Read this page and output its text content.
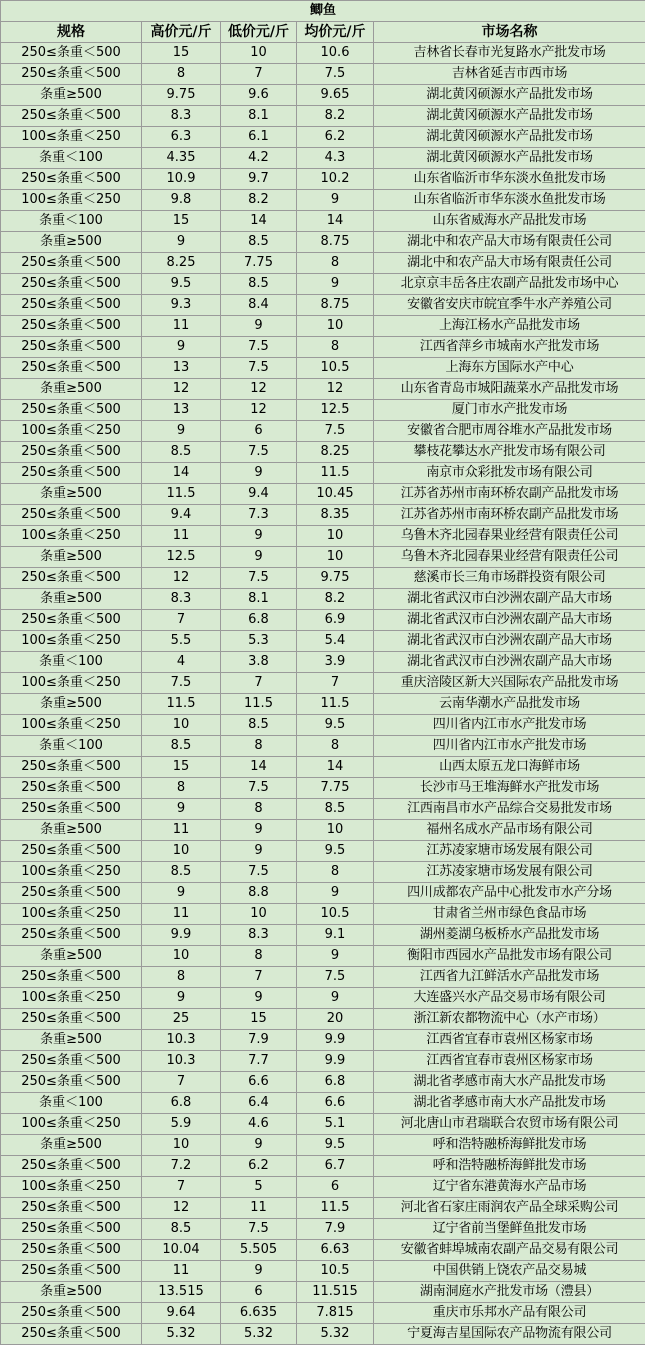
鲫鱼				
规格	高价元/斤	低价元/斤	均价元/斤	市场名称
250≤条重＜500	15	10	10.6	吉林省长春市光复路水产批发市场
250≤条重＜500	8	7	7.5	吉林省延吉市西市场
条重≥500	9.75	9.6	9.65	湖北黄冈硕源水产品批发市场
250≤条重＜500	8.3	8.1	8.2	湖北黄冈硕源水产品批发市场
100≤条重＜250	6.3	6.1	6.2	湖北黄冈硕源水产品批发市场
条重＜100	4.35	4.2	4.3	湖北黄冈硕源水产品批发市场
250≤条重＜500	10.9	9.7	10.2	山东省临沂市华东淡水鱼批发市场
100≤条重＜250	9.8	8.2	9	山东省临沂市华东淡水鱼批发市场
条重＜100	15	14	14	山东省威海水产品批发市场
条重≥500	9	8.5	8.75	湖北中和农产品大市场有限责任公司
250≤条重＜500	8.25	7.75	8	湖北中和农产品大市场有限责任公司
250≤条重＜500	9.5	8.5	9	北京京丰岳各庄农副产品批发市场中心
250≤条重＜500	9.3	8.4	8.75	安徽省安庆市皖宜季牛水产养殖公司
250≤条重＜500	11	9	10	上海江杨水产品批发市场
250≤条重＜500	9	7.5	8	江西省萍乡市城南水产批发市场
250≤条重＜500	13	7.5	10.5	上海东方国际水产中心
条重≥500	12	12	12	山东省青岛市城阳蔬菜水产品批发市场
250≤条重＜500	13	12	12.5	厦门市水产批发市场
100≤条重＜250	9	6	7.5	安徽省合肥市周谷堆水产品批发市场
250≤条重＜500	8.5	7.5	8.25	攀枝花攀达水产批发市场有限公司
250≤条重＜500	14	9	11.5	南京市众彩批发市场有限公司
条重≥500	11.5	9.4	10.45	江苏省苏州市南环桥农副产品批发市场
250≤条重＜500	9.4	7.3	8.35	江苏省苏州市南环桥农副产品批发市场
100≤条重＜250	11	9	10	乌鲁木齐北园春果业经营有限责任公司
条重≥500	12.5	9	10	乌鲁木齐北园春果业经营有限责任公司
250≤条重＜500	12	7.5	9.75	慈溪市长三角市场群投资有限公司
条重≥500	8.3	8.1	8.2	湖北省武汉市白沙洲农副产品大市场
250≤条重＜500	7	6.8	6.9	湖北省武汉市白沙洲农副产品大市场
100≤条重＜250	5.5	5.3	5.4	湖北省武汉市白沙洲农副产品大市场
条重＜100	4	3.8	3.9	湖北省武汉市白沙洲农副产品大市场
100≤条重＜250	7.5	7	7	重庆涪陵区新大兴国际农产品批发市场
条重≥500	11.5	11.5	11.5	云南华潮水产品批发市场
100≤条重＜250	10	8.5	9.5	四川省内江市水产批发市场
条重＜100	8.5	8	8	四川省内江市水产批发市场
250≤条重＜500	15	14	14	山西太原五龙口海鲜市场
250≤条重＜500	8	7.5	7.75	长沙市马王堆海鲜水产批发市场
250≤条重＜500	9	8	8.5	江西南昌市水产品综合交易批发市场
条重≥500	11	9	10	福州名成水产品市场有限公司
250≤条重＜500	10	9	9.5	江苏凌家塘市场发展有限公司
100≤条重＜250	8.5	7.5	8	江苏凌家塘市场发展有限公司
250≤条重＜500	9	8.8	9	四川成都农产品中心批发市水产分场
100≤条重＜250	11	10	10.5	甘肃省兰州市绿色食品市场
250≤条重＜500	9.9	8.3	9.1	湖州菱湖乌板桥水产品批发市场
条重≥500	10	8	9	衡阳市西园水产品批发市场有限公司
250≤条重＜500	8	7	7.5	江西省九江鲜活水产品批发市场
100≤条重＜250	9	9	9	大连盛兴水产品交易市场有限公司
250≤条重＜500	25	15	20	浙江新农都物流中心（水产市场）
条重≥500	10.3	7.9	9.9	江西省宜春市袁州区杨家市场
250≤条重＜500	10.3	7.7	9.9	江西省宜春市袁州区杨家市场
250≤条重＜500	7	6.6	6.8	湖北省孝感市南大水产品批发市场
条重＜100	6.8	6.4	6.6	湖北省孝感市南大水产品批发市场
100≤条重＜250	5.9	4.6	5.1	河北唐山市君瑞联合农贸市场有限公司
条重≥500	10	9	9.5	呼和浩特融桥海鲜批发市场
250≤条重＜500	7.2	6.2	6.7	呼和浩特融桥海鲜批发市场
100≤条重＜250	7	5	6	辽宁省东港黄海水产品市场
250≤条重＜500	12	11	11.5	河北省石家庄雨润农产品全球采购公司
250≤条重＜500	8.5	7.5	7.9	辽宁省前当堡鲜鱼批发市场
250≤条重＜500	10.04	5.505	6.63	安徽省蚌埠城南农副产品交易有限公司
250≤条重＜500	11	9	10.5	中国供销上饶农产品交易城
条重≥500	13.515	6	11.515	湖南洞庭水产批发市场（澧县）
250≤条重＜500	9.64	6.635	7.815	重庆市乐邦水产品有限公司
250≤条重＜500	5.32	5.32	5.32	宁夏海吉星国际农产品物流有限公司
